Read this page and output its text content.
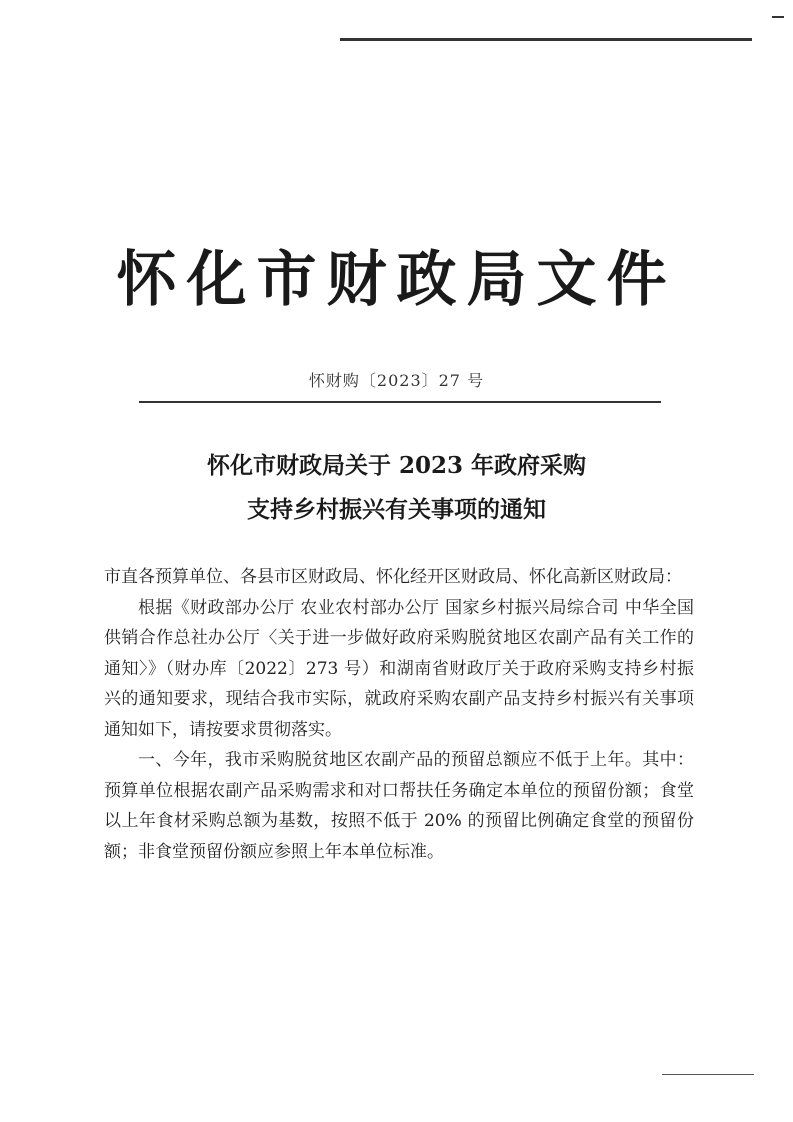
怀化市财政局文件
怀财购〔2023〕27 号
怀化市财政局关于 2023 年政府采购
支持乡村振兴有关事项的通知

市直各预算单位、各县市区财政局、怀化经开区财政局、怀化高新区财政局：

根据《财政部办公厅 农业农村部办公厅 国家乡村振兴局综合司 中华全国供销合作总社办公厅〈关于进一步做好政府采购脱贫地区农副产品有关工作的通知〉》（财办库〔2022〕273 号）和湖南省财政厅关于政府采购支持乡村振兴的通知要求，现结合我市实际，就政府采购农副产品支持乡村振兴有关事项通知如下，请按要求贯彻落实。

一、今年，我市采购脱贫地区农副产品的预留总额应不低于上年。其中：预算单位根据农副产品采购需求和对口帮扶任务确定本单位的预留份额；食堂以上年食材采购总额为基数，按照不低于 20% 的预留比例确定食堂的预留份额；非食堂预留份额应参照上年本单位标准。
